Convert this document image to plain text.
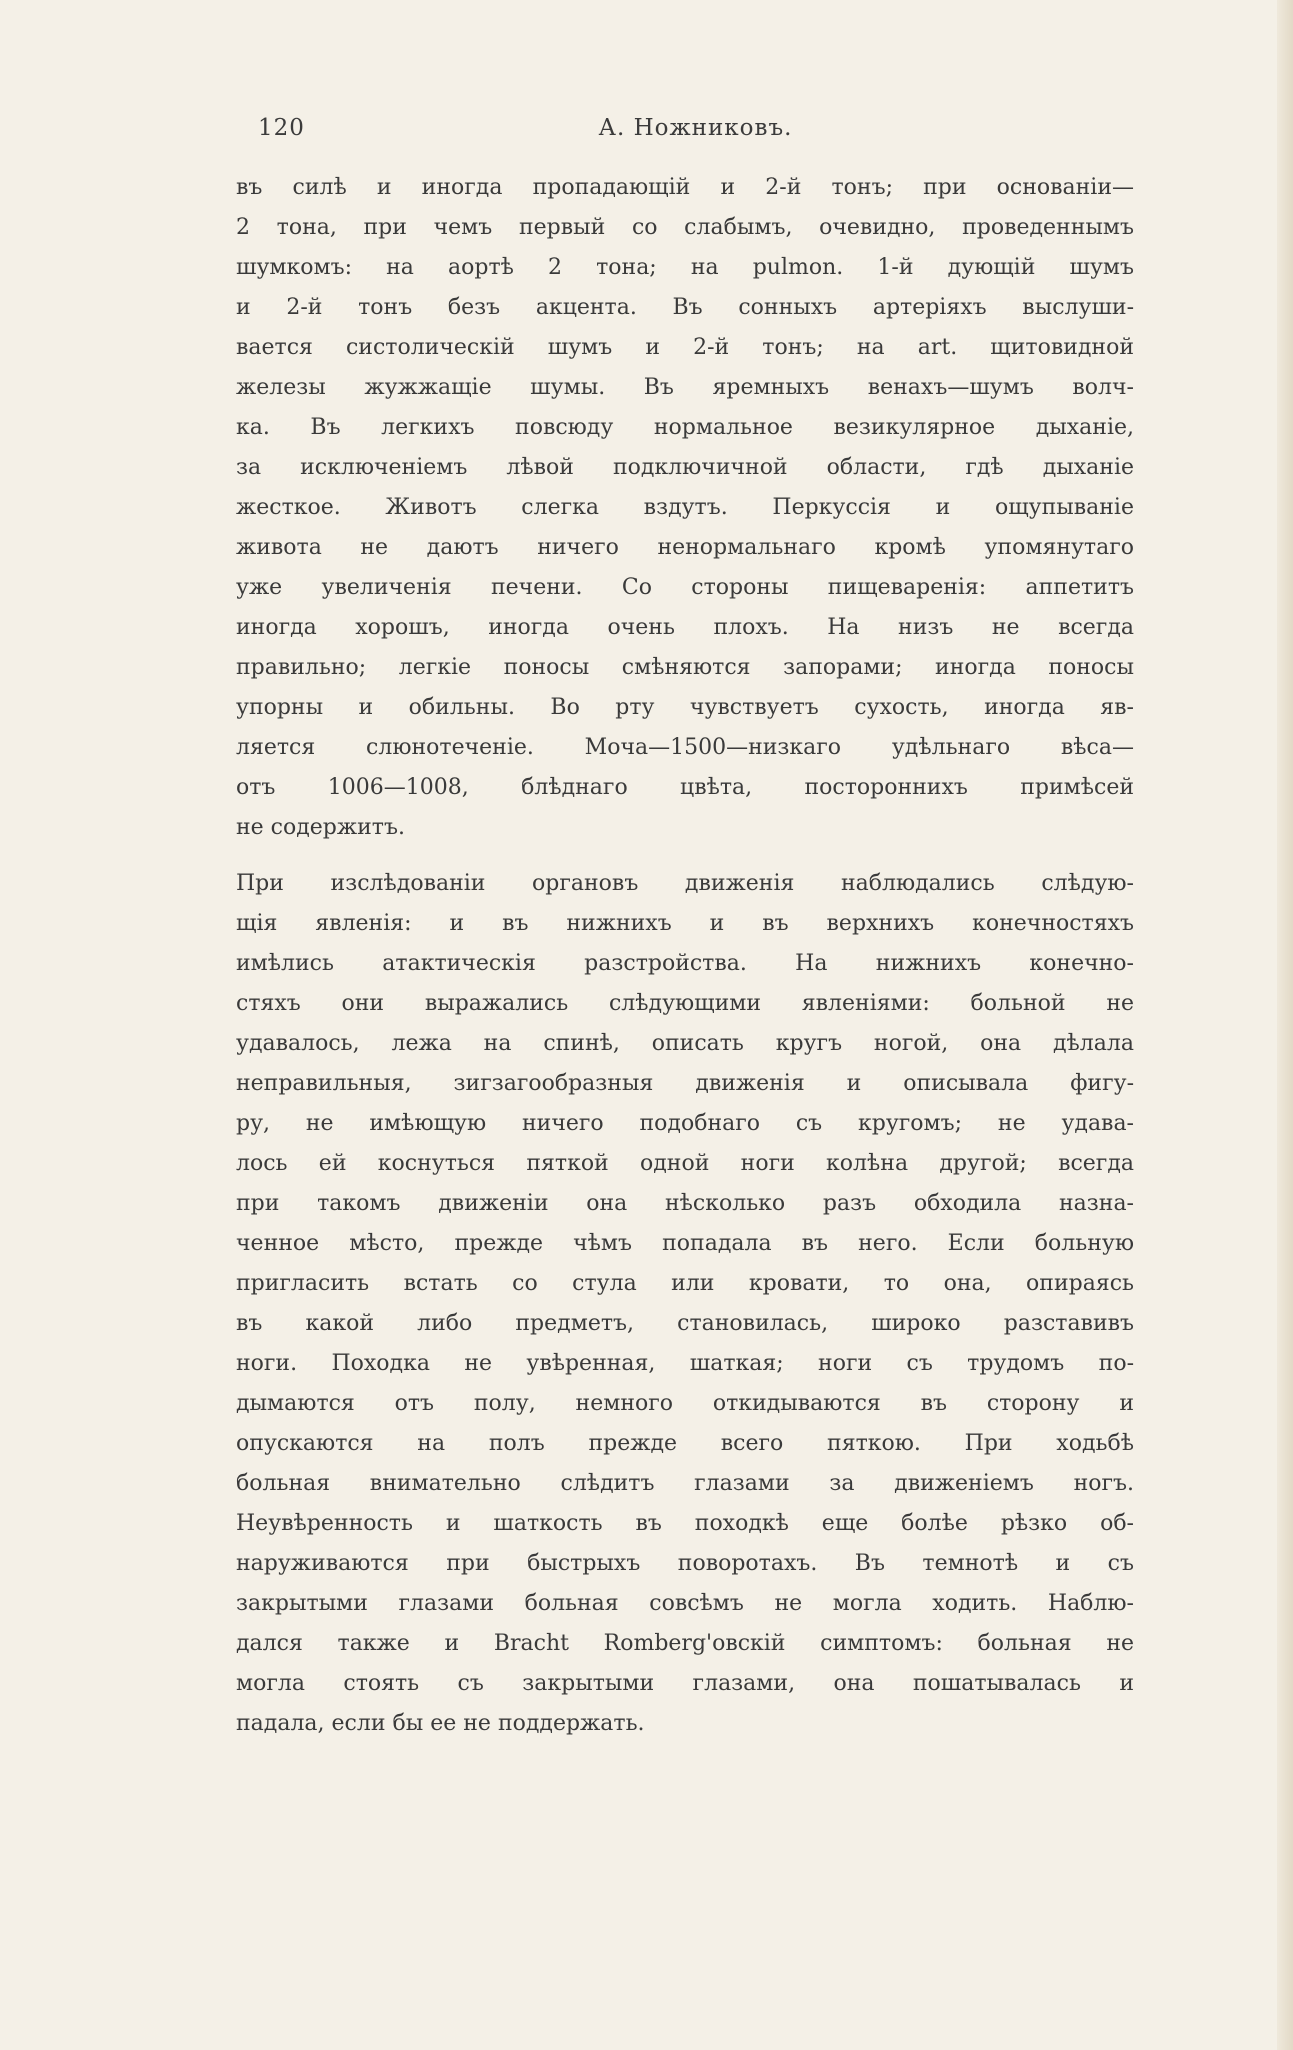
120	А. Ножниковъ.
въ силѣ и иногда пропадающій и 2-й тонъ; при основаніи—
2 тона, при чемъ первый со слабымъ, очевидно, проведеннымъ
шумкомъ: на аортѣ 2 тона; на pulmon. 1-й дующій шумъ
и 2-й тонъ безъ акцента. Въ сонныхъ артеріяхъ выслуши-
вается систолическій шумъ и 2-й тонъ; на art. щитовидной
железы жужжащіе шумы. Въ яремныхъ венахъ—шумъ волч-
ка. Въ легкихъ повсюду нормальное везикулярное дыханіе,
за исключеніемъ лѣвой подключичной области, гдѣ дыханіе
жесткое. Животъ слегка вздутъ. Перкуссія и ощупываніе
живота не даютъ ничего ненормальнаго кромѣ упомянутаго
уже увеличенія печени. Со стороны пищеваренія: аппетитъ
иногда хорошъ, иногда очень плохъ. На низъ не всегда
правильно; легкіе поносы смѣняются запорами; иногда поносы
упорны и обильны. Во рту чувствуетъ сухость, иногда яв-
ляется слюнотеченіе. Моча—1500—низкаго удѣльнаго вѣса—
отъ 1006—1008, блѣднаго цвѣта, постороннихъ примѣсей
не содержитъ.
При изслѣдованіи органовъ движенія наблюдались слѣдую-
щія явленія: и въ нижнихъ и въ верхнихъ конечностяхъ
имѣлись атактическія разстройства. На нижнихъ конечно-
стяхъ они выражались слѣдующими явленіями: больной не
удавалось, лежа на спинѣ, описать кругъ ногой, она дѣлала
неправильныя, зигзагообразныя движенія и описывала фигу-
ру, не имѣющую ничего подобнаго съ кругомъ; не удава-
лось ей коснуться пяткой одной ноги колѣна другой; всегда
при такомъ движеніи она нѣсколько разъ обходила назна-
ченное мѣсто, прежде чѣмъ попадала въ него. Если больную
пригласить встать со стула или кровати, то она, опираясь
въ какой либо предметъ, становилась, широко разставивъ
ноги. Походка не увѣренная, шаткая; ноги съ трудомъ по-
дымаются отъ полу, немного откидываются въ сторону и
опускаются на полъ прежде всего пяткою. При ходьбѣ
больная внимательно слѣдитъ глазами за движеніемъ ногъ.
Неувѣренность и шаткость въ походкѣ еще болѣе рѣзко об-
наруживаются при быстрыхъ поворотахъ. Въ темнотѣ и съ
закрытыми глазами больная совсѣмъ не могла ходить. Наблю-
дался также и Bracht Romberg'овскій симптомъ: больная не
могла стоять съ закрытыми глазами, она пошатывалась и
падала, если бы ее не поддержать.
